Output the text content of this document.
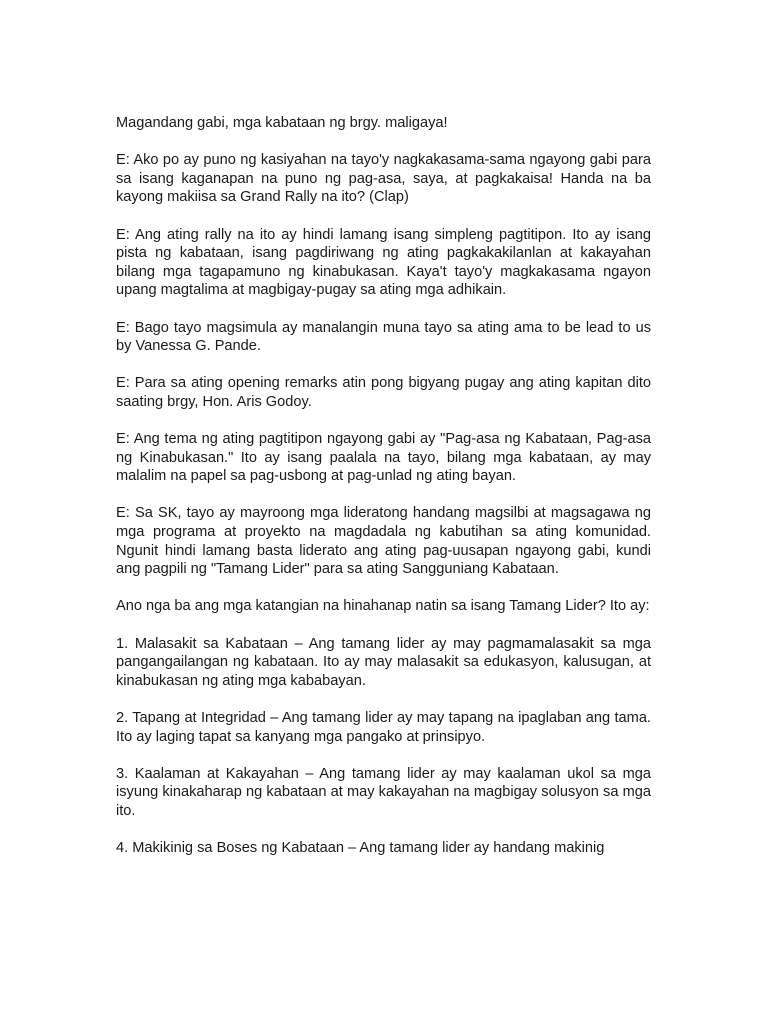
Magandang gabi, mga kabataan ng brgy. maligaya!

E: Ako po ay puno ng kasiyahan na tayo'y nagkakasama-sama ngayong gabi para sa isang kaganapan na puno ng pag-asa, saya, at pagkakaisa! Handa na ba kayong makiisa sa Grand Rally na ito? (Clap)

E: Ang ating rally na ito ay hindi lamang isang simpleng pagtitipon. Ito ay isang pista ng kabataan, isang pagdiriwang ng ating pagkakakilanlan at kakayahan bilang mga tagapamuno ng kinabukasan. Kaya't tayo'y magkakasama ngayon upang magtalima at magbigay-pugay sa ating mga adhikain.

E: Bago tayo magsimula ay manalangin muna tayo sa ating ama to be lead to us by Vanessa G. Pande.

E: Para sa ating opening remarks atin pong bigyang pugay ang ating kapitan dito saating brgy, Hon. Aris Godoy.

E: Ang tema ng ating pagtitipon ngayong gabi ay "Pag-asa ng Kabataan, Pag-asa ng Kinabukasan." Ito ay isang paalala na tayo, bilang mga kabataan, ay may malalim na papel sa pag-usbong at pag-unlad ng ating bayan.

E: Sa SK, tayo ay mayroong mga lideratong handang magsilbi at magsagawa ng mga programa at proyekto na magdadala ng kabutihan sa ating komunidad. Ngunit hindi lamang basta liderato ang ating pag-uusapan ngayong gabi, kundi ang pagpili ng "Tamang Lider" para sa ating Sangguniang Kabataan.

Ano nga ba ang mga katangian na hinahanap natin sa isang Tamang Lider? Ito ay:

1. Malasakit sa Kabataan – Ang tamang lider ay may pagmamalasakit sa mga pangangailangan ng kabataan. Ito ay may malasakit sa edukasyon, kalusugan, at kinabukasan ng ating mga kababayan.

2. Tapang at Integridad – Ang tamang lider ay may tapang na ipaglaban ang tama. Ito ay laging tapat sa kanyang mga pangako at prinsipyo.

3. Kaalaman at Kakayahan – Ang tamang lider ay may kaalaman ukol sa mga isyung kinakaharap ng kabataan at may kakayahan na magbigay solusyon sa mga ito.

4. Makikinig sa Boses ng Kabataan – Ang tamang lider ay handang makinig
